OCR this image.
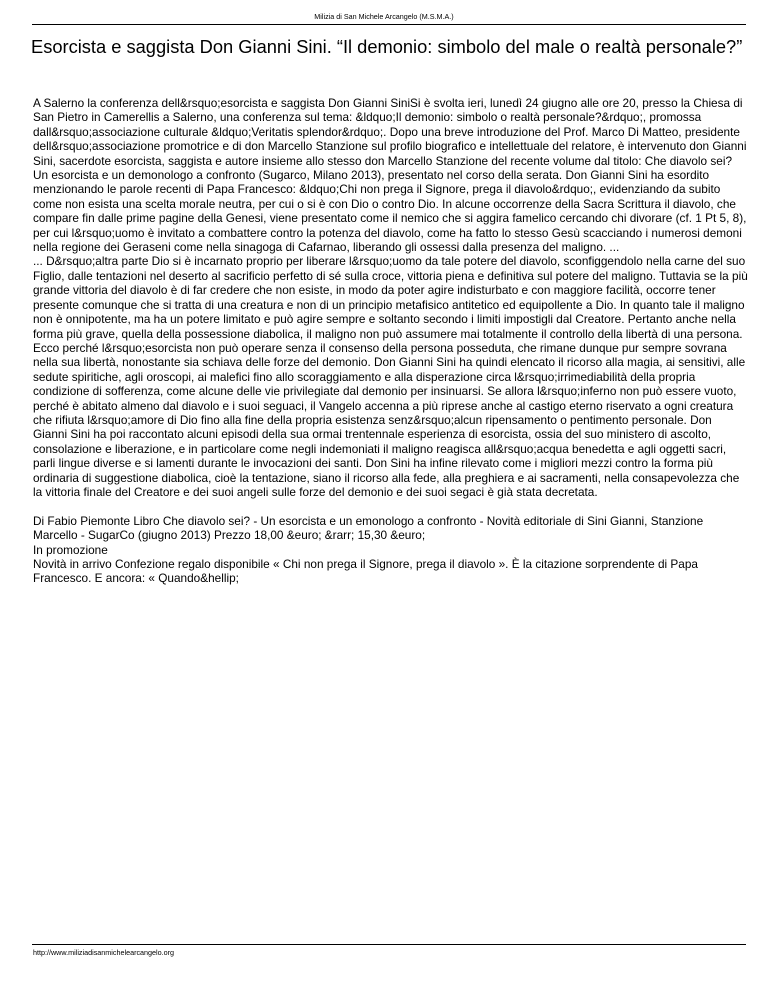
Milizia di San Michele Arcangelo (M.S.M.A.)
Esorcista e saggista Don Gianni Sini. “Il demonio: simbolo del male o realtà personale?”

A Salerno la conferenza dell&rsquo;esorcista e saggista Don Gianni SiniSi è svolta ieri, lunedì 24 giugno alle ore 20, presso la Chiesa di San Pietro in Camerellis a Salerno, una conferenza sul tema: &ldquo;Il demonio: simbolo o realtà personale?&rdquo;, promossa dall&rsquo;associazione culturale &ldquo;Veritatis splendor&rdquo;. Dopo una breve introduzione del Prof. Marco Di Matteo, presidente dell&rsquo;associazione promotrice e di don Marcello Stanzione sul profilo biografico e intellettuale del relatore, è intervenuto don Gianni Sini, sacerdote esorcista, saggista e autore insieme allo stesso don Marcello Stanzione del recente volume dal titolo: Che diavolo sei? Un esorcista e un demonologo a confronto (Sugarco, Milano 2013), presentato nel corso della serata. Don Gianni Sini ha esordito menzionando le parole recenti di Papa Francesco: &ldquo;Chi non prega il Signore, prega il diavolo&rdquo;, evidenziando da subito come non esista una scelta morale neutra, per cui o si è con Dio o contro Dio. In alcune occorrenze della Sacra Scrittura il diavolo, che compare fin dalle prime pagine della Genesi, viene presentato come il nemico che si aggira famelico cercando chi divorare (cf. 1 Pt 5, 8), per cui l&rsquo;uomo è invitato a combattere contro la potenza del diavolo, come ha fatto lo stesso Gesù scacciando i numerosi demoni nella regione dei Geraseni come nella sinagoga di Cafarnao, liberando gli ossessi dalla presenza del maligno. ...

... D&rsquo;altra parte Dio si è incarnato proprio per liberare l&rsquo;uomo da tale potere del diavolo, sconfiggendolo nella carne del suo Figlio, dalle tentazioni nel deserto al sacrificio perfetto di sé sulla croce, vittoria piena e definitiva sul potere del maligno. Tuttavia se la più grande vittoria del diavolo è di far credere che non esiste, in modo da poter agire indisturbato e con maggiore facilità, occorre tener presente comunque che si tratta di una creatura e non di un principio metafisico antitetico ed equipollente a Dio. In quanto tale il maligno non è onnipotente, ma ha un potere limitato e può agire sempre e soltanto secondo i limiti impostigli dal Creatore. Pertanto anche nella forma più grave, quella della possessione diabolica, il maligno non può assumere mai totalmente il controllo della libertà di una persona. Ecco perché l&rsquo;esorcista non può operare senza il consenso della persona posseduta, che rimane dunque pur sempre sovrana nella sua libertà, nonostante sia schiava delle forze del demonio. Don Gianni Sini ha quindi elencato il ricorso alla magia, ai sensitivi, alle sedute spiritiche, agli oroscopi, ai malefici fino allo scoraggiamento e alla disperazione circa l&rsquo;irrimediabilità della propria condizione di sofferenza, come alcune delle vie privilegiate dal demonio per insinuarsi. Se allora l&rsquo;inferno non può essere vuoto, perché è abitato almeno dal diavolo e i suoi seguaci, il Vangelo accenna a più riprese anche al castigo eterno riservato a ogni creatura che rifiuta l&rsquo;amore di Dio fino alla fine della propria esistenza senz&rsquo;alcun ripensamento o pentimento personale. Don Gianni Sini ha poi raccontato alcuni episodi della sua ormai trentennale esperienza di esorcista, ossia del suo ministero di ascolto, consolazione e liberazione, e in particolare come negli indemoniati il maligno reagisca all&rsquo;acqua benedetta e agli oggetti sacri, parli lingue diverse e si lamenti durante le invocazioni dei santi. Don Sini ha infine rilevato come i migliori mezzi contro la forma più ordinaria di suggestione diabolica, cioè la tentazione, siano il ricorso alla fede, alla preghiera e ai sacramenti, nella consapevolezza che la vittoria finale del Creatore e dei suoi angeli sulle forze del demonio e dei suoi segaci è già stata decretata.

Di Fabio Piemonte Libro Che diavolo sei? - Un esorcista e un emonologo a confronto - Novità editoriale di Sini Gianni, Stanzione Marcello - SugarCo (giugno 2013) Prezzo 18,00 &euro; &rarr; 15,30 &euro;

In promozione

Novità in arrivo Confezione regalo disponibile « Chi non prega il Signore, prega il diavolo ». È la citazione sorprendente di Papa Francesco. E ancora: « Quando&hellip;

http://www.miliziadisanmichelearcangelo.org
